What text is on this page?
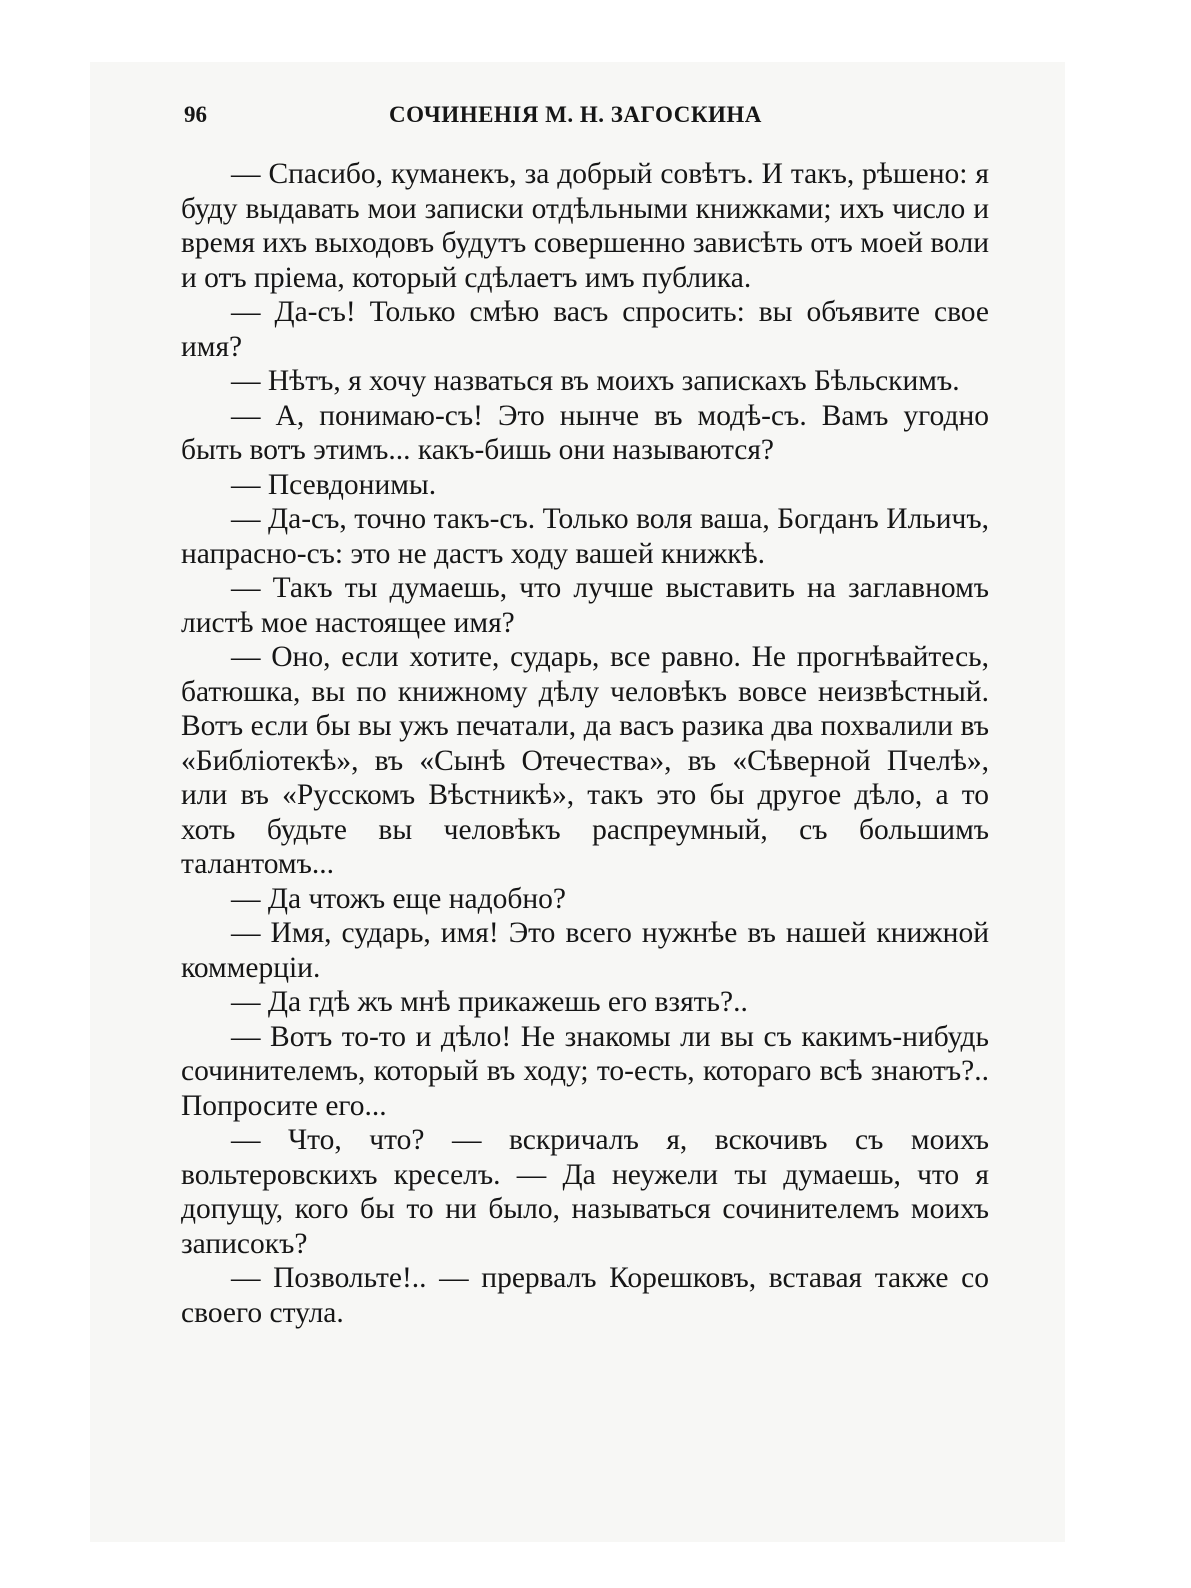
96	СОЧИНЕНІЯ М. Н. ЗАГОСКИНА

— Спасибо, куманекъ, за добрый совѣтъ. И такъ, рѣшено: я буду выдавать мои записки отдѣльными книжками; ихъ число и время ихъ выходовъ будутъ совершенно зависѣть отъ моей воли и отъ пріема, который сдѣлаетъ имъ публика.

— Да-съ! Только смѣю васъ спросить: вы объявите свое имя?

— Нѣтъ, я хочу назваться въ моихъ запискахъ Бѣльскимъ.

— А, понимаю-съ! Это нынче въ модѣ-съ. Вамъ угодно быть вотъ этимъ... какъ-бишь они называются?

— Псевдонимы.

— Да-съ, точно такъ-съ. Только воля ваша, Богданъ Ильичъ, напрасно-съ: это не дастъ ходу вашей книжкѣ.

— Такъ ты думаешь, что лучше выставить на заглавномъ листѣ мое настоящее имя?

— Оно, если хотите, сударь, все равно. Не прогнѣвайтесь, батюшка, вы по книжному дѣлу человѣкъ вовсе неизвѣстный. Вотъ если бы вы ужъ печатали, да васъ разика два похвалили въ «Библіотекѣ», въ «Сынѣ Отечества», въ «Сѣверной Пчелѣ», или въ «Русскомъ Вѣстникѣ», такъ это бы другое дѣло, а то хоть будьте вы человѣкъ распреумный, съ большимъ талантомъ...

— Да чтожъ еще надобно?

— Имя, сударь, имя! Это всего нужнѣе въ нашей книжной коммерціи.

— Да гдѣ жъ мнѣ прикажешь его взять?..

— Вотъ то-то и дѣло! Не знакомы ли вы съ какимъ-нибудь сочинителемъ, который въ ходу; то-есть, котораго всѣ знаютъ?.. Попросите его...

— Что, что? — вскричалъ я, вскочивъ съ моихъ вольтеровскихъ креселъ. — Да неужели ты думаешь, что я допущу, кого бы то ни было, называться сочинителемъ моихъ записокъ?

— Позвольте!.. — прервалъ Корешковъ, вставая также со своего стула.
